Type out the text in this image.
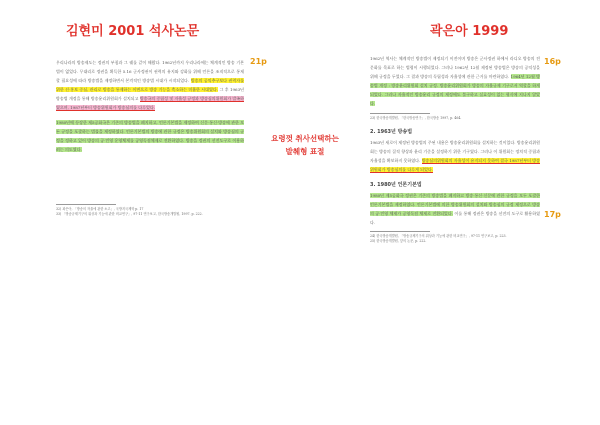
김현미 2001 석사논문	곽은아 1999
21p	16p
17p
요령껏 취사선택하는
발췌형 표절

우리나라의 방송제도는 정권의 부침과 그 궤를 같이 해왔다. 1962년까지 우리나라에는 체계적인 방송 기본법이 없었다. 무대리로 정권을 획득한 5.16 군사정권이 권력의 유지와 강화를 위해 언론을 조직적으로 통제할 필요성에 따라 방송법을 제정하면서 본격적인 방송법 시대가 시작되었다. 방송의 공익추구보다 권력자를 위한 선·홍보 중심, 관리로 방송을 통제하는 이면으로 방송 기능을 축소하는 미흡한 시대였다. 그 후 1963년 방송법 개정을 통해 방송윤리위원회가 설치되고 방송국의 중립성 및 자율성 규정과 방송심의위원회가 발족하였으며, 1987년부터 방송위원회가 방송심의를 다루었다.

1980년에 등장한 제5공화국은 기존의 방송법을 폐지하고, 언론기본법을 제정하여 신문·통신·방송에 관한 모든 규정을 포괄하는 법률을 제정하였다. 언론기본법의 방송에 관한 규정은 방송위원회의 설치와 방송심의 규정을 정하고 있어 방송의 공·민영 운영체제를 공영독점체제로 전환하였다. 방송을 정권의 선전도구로 이용하려는 의도였다.

32) 곽은아, 「방송의 자율에 관한 소고」, 국방지국제학 p. 17
33) 「방송규제기구의 위상과 기능에 관한 비교연구」, 97-11 연구보고, 한국방송개발원, 1997. p. 222.

1962년 역사는 체계적인 방송법이 제정되기 이전이며 방송은 군사정권 하에서 라디오 방송의 전문화를 목표로 하는 법령이 시행되었다. 그러나 1962년 12월 제정된 방송법은 방송의 공익성을 위해 규정을 두었다. 그 결과 방송의 독립성과 자율성에 관한 근거를 마련하였다. 1964년 12월 방송법 개정 : 방송윤리위원회 설치 규정. 방송윤리위원회가 방송의 자율규제 기구로서 역할을 하게 되었다. 그러나 자율적인 방송윤리 규정의 제정에도 불구하고 실효성이 없는 형식에 지나지 않았다.

23) 한국방송개발원, 「한국방송연구」, 한국방송 1997, p. 464.
2. 1963년 방송법

1963년 새로이 제정된 방송법의 주된 내용은 방송윤리위원회를 설치하는 것이었다. 방송윤리위원회는 방송의 질적 향상과 윤리 기준을 설정하기 위한 기구였다. 그러나 이 위원회는 정치적 중립과 자율성을 확보하지 못하였다. 방송심의위원회의 자율성이 유지되지 못하여 결국 1987년부터 방송위원회가 방송심의를 다루게 되었다.

3. 1980년 언론기본법

1980년 제5공화국 정권은 기존의 방송법을 폐지하고 방송·통신·신문에 관한 규정을 모두 포괄한 언론기본법을 제정하였다. 언론기본법에 의한 방송위원회의 설치와 방송심의 규정 제정으로 방송의 공·민영 체제가 공영독점 체제로 전환되었다. 이를 통해 정권은 방송을 선전의 도구로 활용하였다.

24) 한국방송개발원, 「방송규제기구의 위상과 기능에 관한 비교연구」, 97-11 연구보고, p. 223.
25) 한국방송개발원, 앞의 논문, p. 222.
